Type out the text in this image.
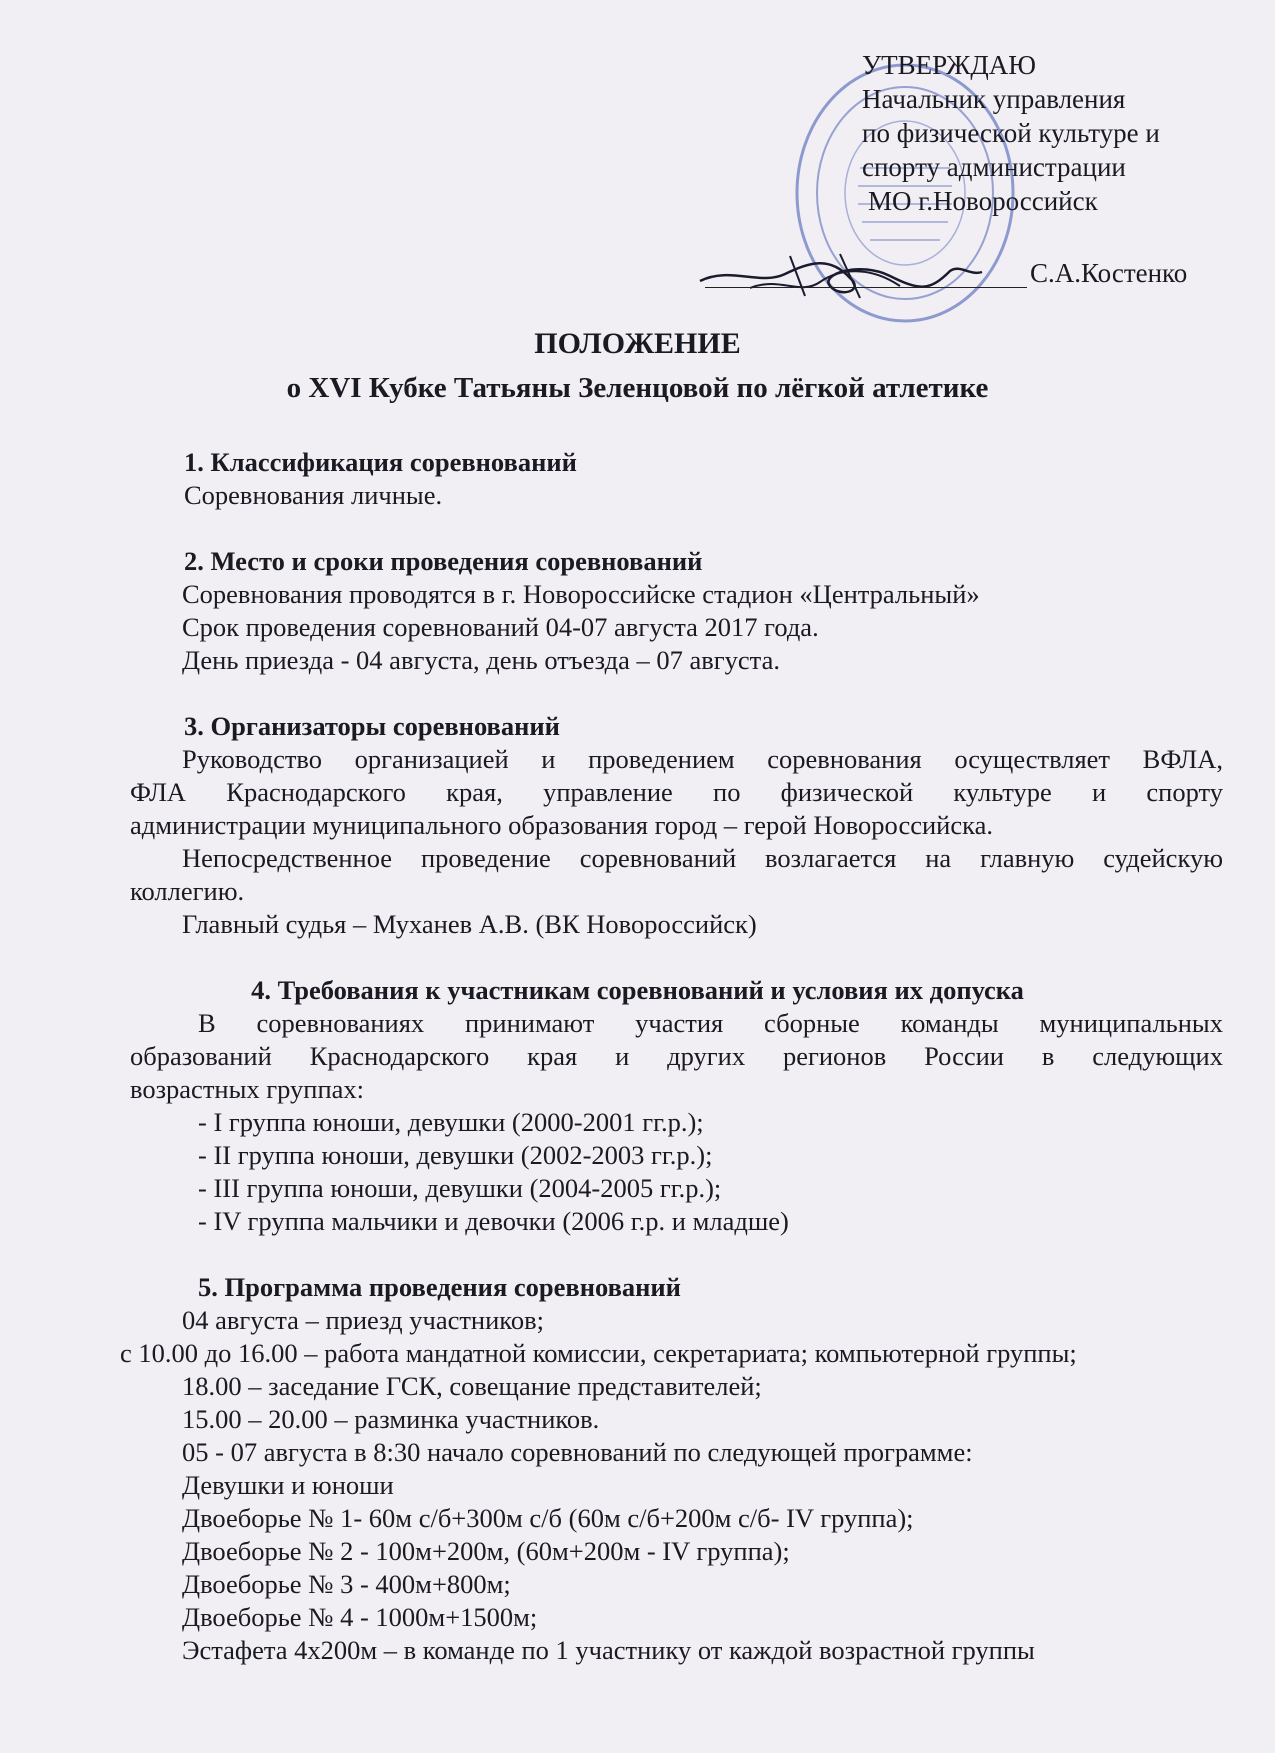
УТВЕРЖДАЮ
Начальник управления
по физической культуре и
спорту администрации
МО г.Новороссийск
С.А.Костенко
ПОЛОЖЕНИЕ
о XVI Кубке Татьяны Зеленцовой по лёгкой атлетике
1. Классификация соревнований
Соревнования личные.
2. Место и сроки проведения соревнований
Соревнования проводятся в г. Новороссийске стадион «Центральный»
Срок проведения соревнований 04-07 августа 2017 года.
День приезда - 04 августа, день отъезда – 07 августа.
3. Организаторы соревнований
Руководство организацией и проведением соревнования осуществляет ВФЛА,
ФЛА Краснодарского края, управление по физической культуре и спорту
администрации муниципального образования город – герой Новороссийска.
Непосредственное проведение соревнований возлагается на главную судейскую
коллегию.
Главный судья – Муханев А.В. (ВК Новороссийск)
4. Требования к участникам соревнований и условия их допуска
В соревнованиях принимают участия сборные команды муниципальных
образований Краснодарского края и других регионов России в следующих
возрастных группах:
- I группа юноши, девушки (2000-2001 гг.р.);
- II группа юноши, девушки (2002-2003 гг.р.);
- III группа юноши, девушки (2004-2005 гг.р.);
- IV группа мальчики и девочки (2006 г.р. и младше)
5. Программа проведения соревнований
04 августа – приезд участников;
с 10.00 до 16.00 – работа мандатной комиссии, секретариата; компьютерной группы;
18.00 – заседание ГСК, совещание представителей;
15.00 – 20.00 – разминка участников.
05 - 07 августа в 8:30 начало соревнований по следующей программе:
Девушки и юноши
Двоеборье № 1- 60м с/б+300м с/б (60м с/б+200м с/б- IV группа);
Двоеборье № 2 - 100м+200м, (60м+200м - IV группа);
Двоеборье № 3 - 400м+800м;
Двоеборье № 4 - 1000м+1500м;
Эстафета 4х200м – в команде по 1 участнику от каждой возрастной группы
